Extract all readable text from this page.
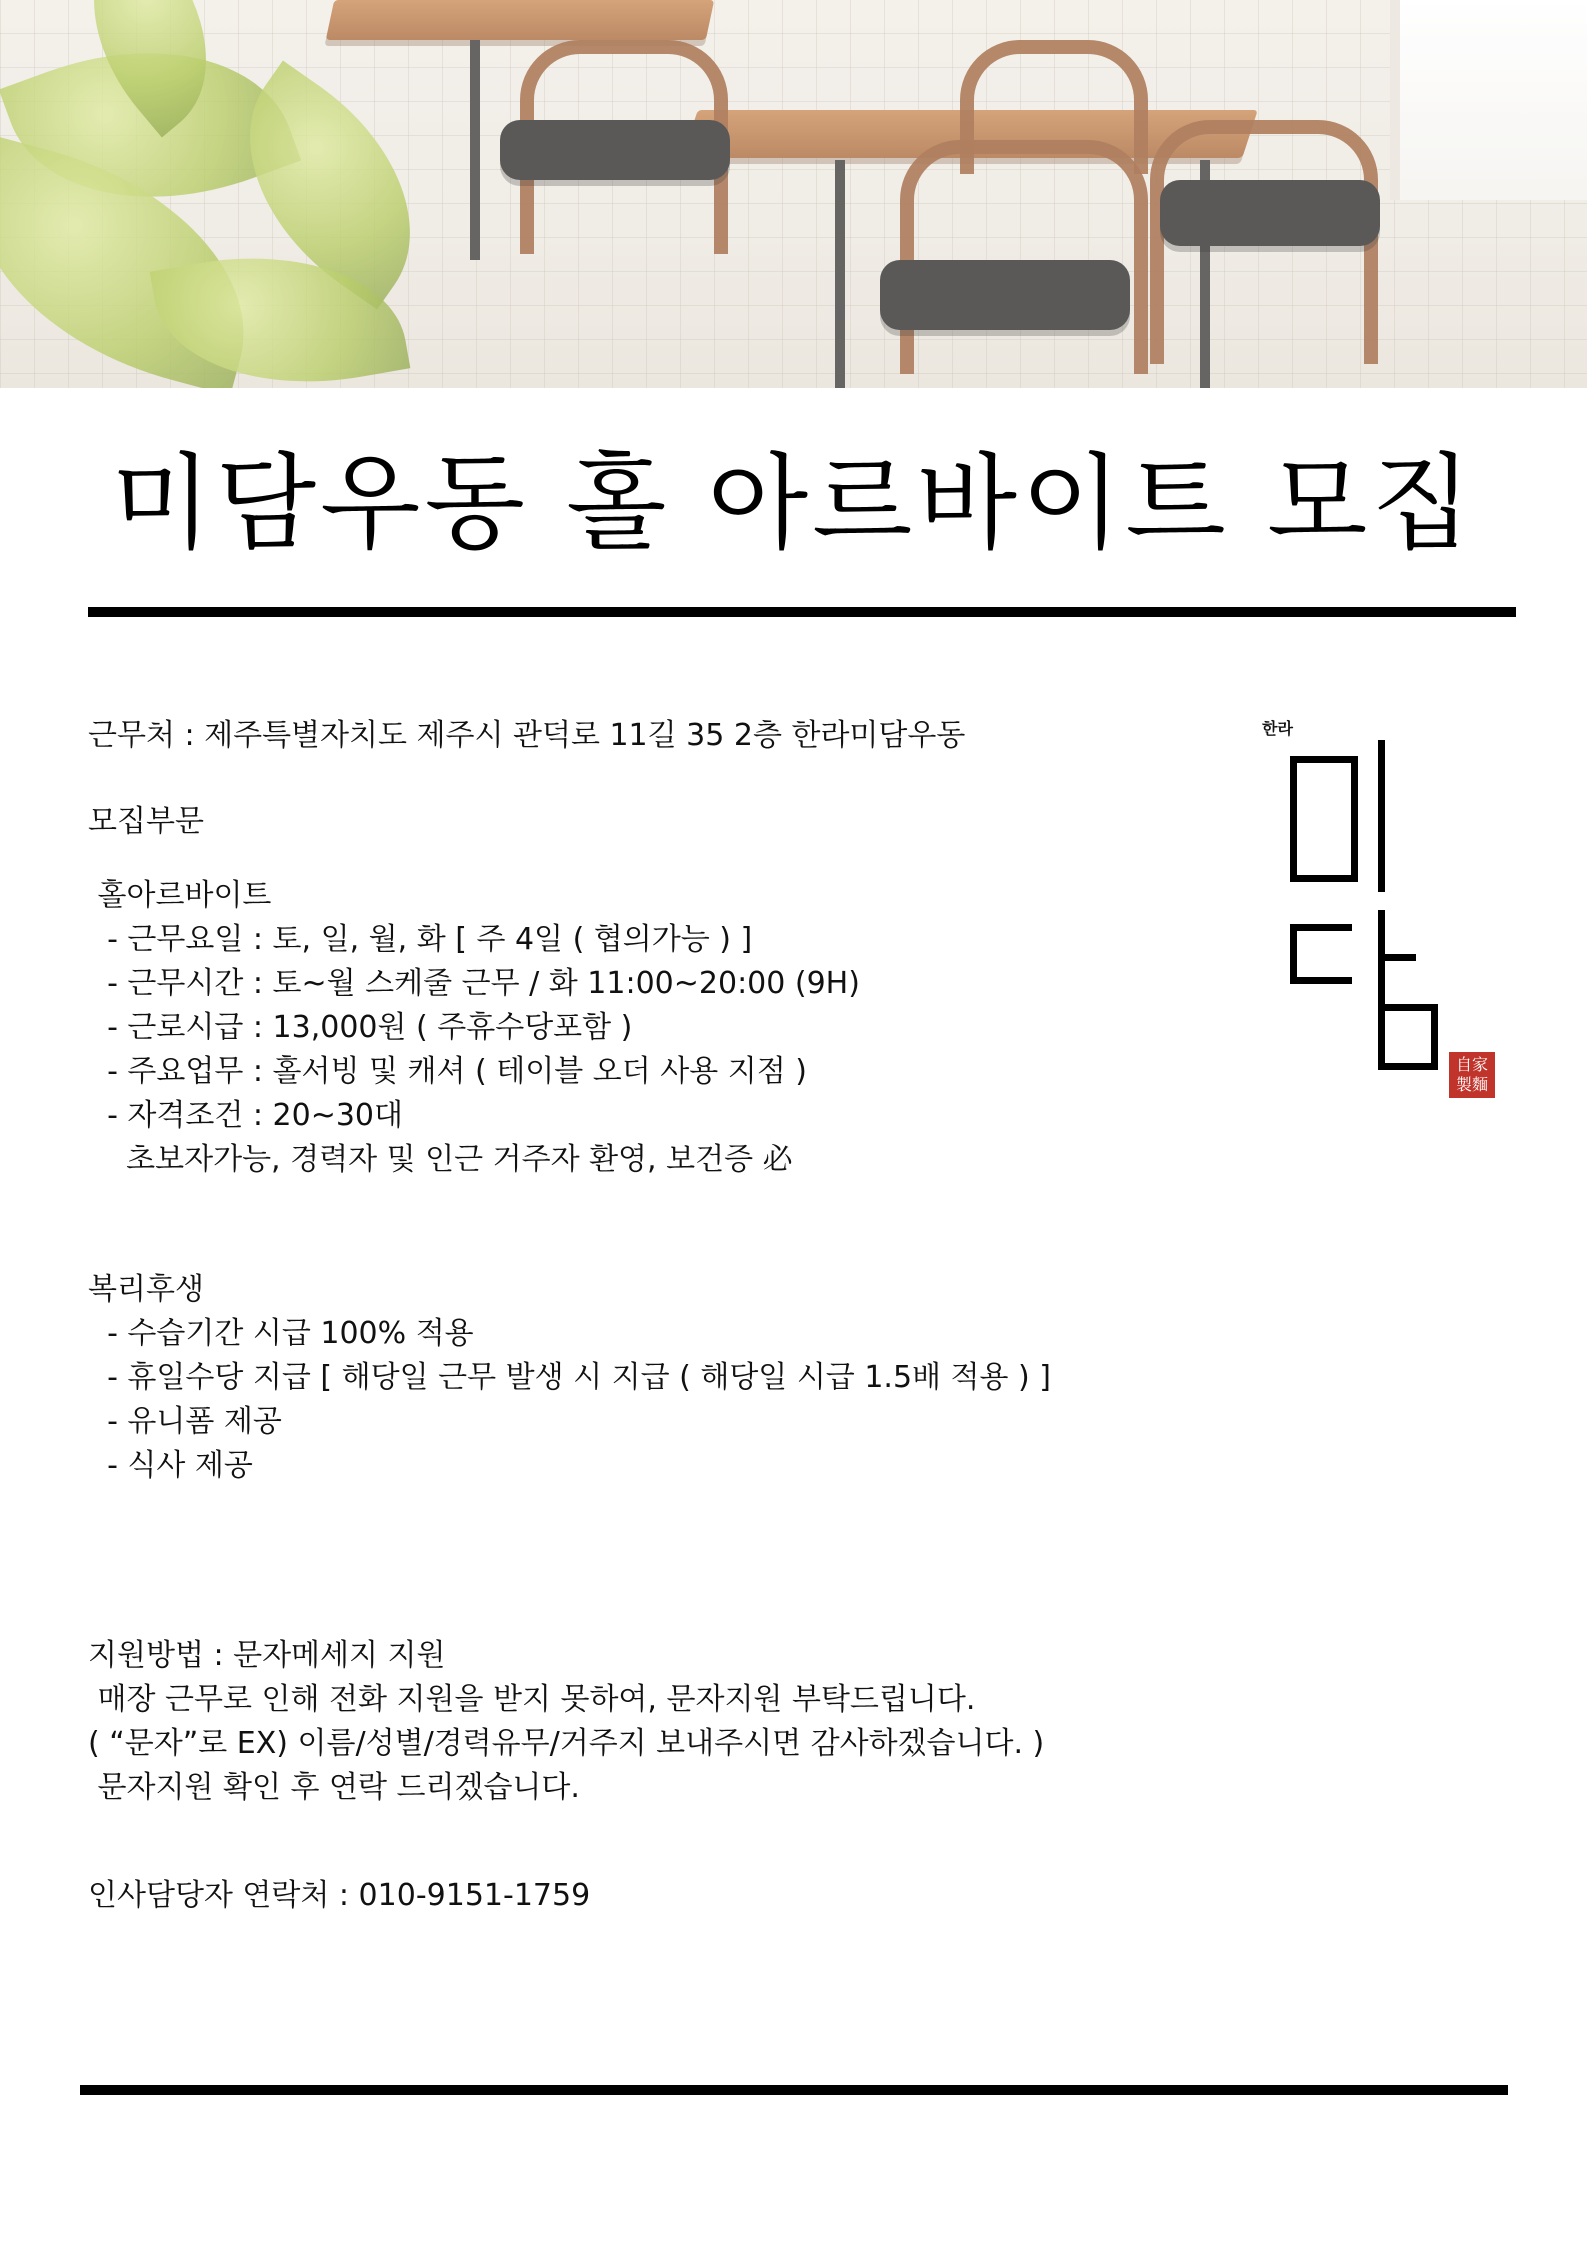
미담우동 홀 아르바이트 모집
근무처 : 제주특별자치도 제주시 관덕로 11길 35 2층 한라미담우동
모집부문
홀아르바이트
- 근무요일 : 토, 일, 월, 화 [ 주 4일 ( 협의가능 ) ]
- 근무시간 : 토~월 스케줄 근무 / 화 11:00~20:00 (9H)
- 근로시급 : 13,000원 ( 주휴수당포함 )
- 주요업무 : 홀서빙 및 캐셔 ( 테이블 오더 사용 지점 )
- 자격조건 : 20~30대
초보자가능, 경력자 및 인근 거주자 환영, 보건증 必
복리후생
- 수습기간 시급 100% 적용
- 휴일수당 지급 [ 해당일 근무 발생 시 지급 ( 해당일 시급 1.5배 적용 ) ]
- 유니폼 제공
- 식사 제공
지원방법 : 문자메세지 지원
매장 근무로 인해 전화 지원을 받지 못하여, 문자지원 부탁드립니다.
( “문자”로 EX) 이름/성별/경력유무/거주지 보내주시면 감사하겠습니다. )
문자지원 확인 후 연락 드리겠습니다.
인사담당자 연락처 : 010-9151-1759
한라
自家
製麵
